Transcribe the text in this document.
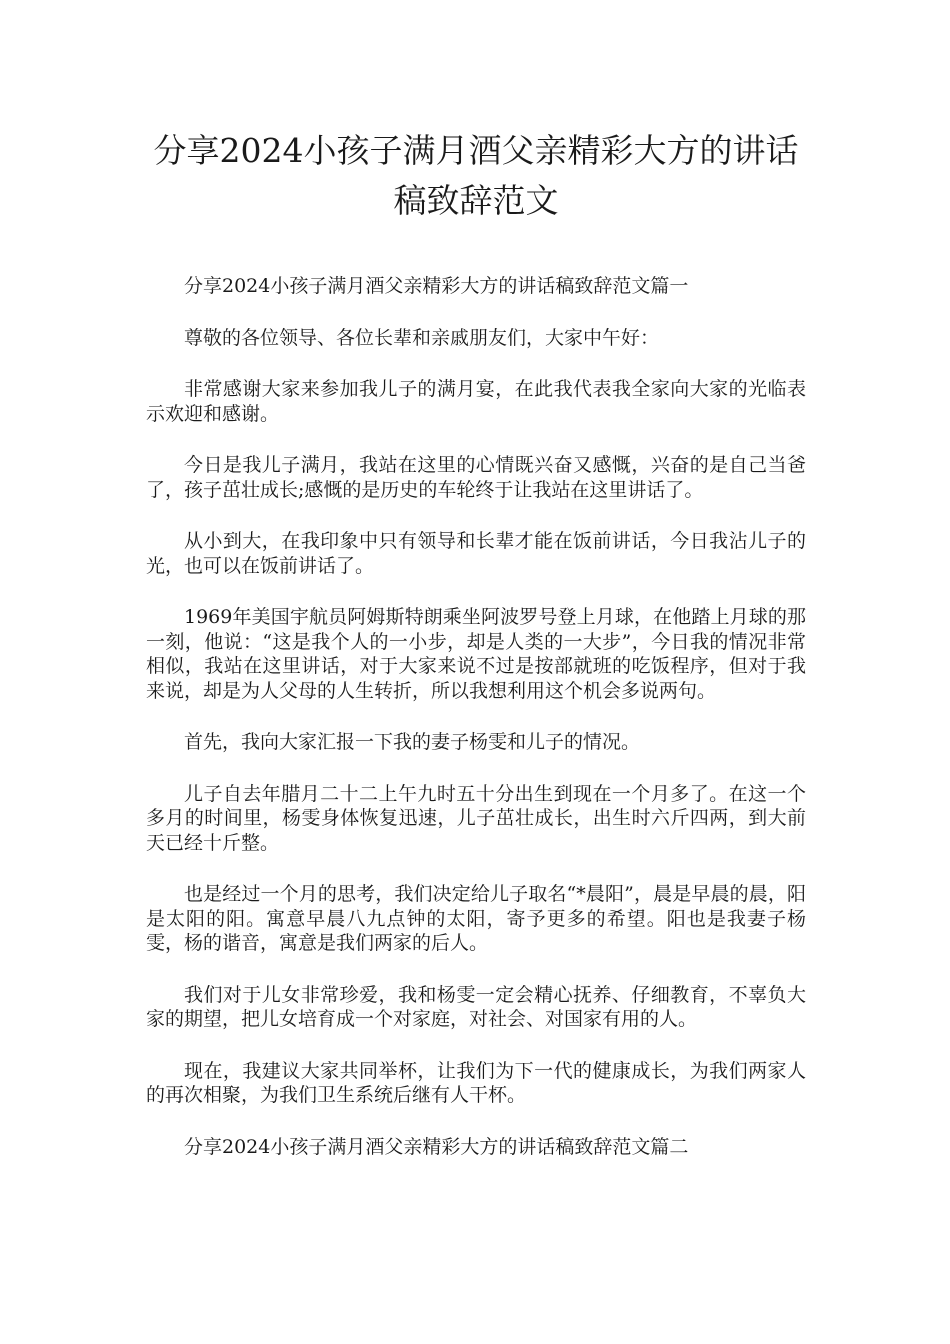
分享2024小孩子满月酒父亲精彩大方的讲话稿致辞范文

分享2024小孩子满月酒父亲精彩大方的讲话稿致辞范文篇一

尊敬的各位领导、各位长辈和亲戚朋友们，大家中午好：

非常感谢大家来参加我儿子的满月宴，在此我代表我全家向大家的光临表示欢迎和感谢。

今日是我儿子满月，我站在这里的心情既兴奋又感慨，兴奋的是自己当爸了，孩子茁壮成长;感慨的是历史的车轮终于让我站在这里讲话了。

从小到大，在我印象中只有领导和长辈才能在饭前讲话，今日我沾儿子的光，也可以在饭前讲话了。

1969年美国宇航员阿姆斯特朗乘坐阿波罗号登上月球，在他踏上月球的那一刻，他说：“这是我个人的一小步，却是人类的一大步”，今日我的情况非常相似，我站在这里讲话，对于大家来说不过是按部就班的吃饭程序，但对于我来说，却是为人父母的人生转折，所以我想利用这个机会多说两句。

首先，我向大家汇报一下我的妻子杨雯和儿子的情况。

儿子自去年腊月二十二上午九时五十分出生到现在一个月多了。在这一个多月的时间里，杨雯身体恢复迅速，儿子茁壮成长，出生时六斤四两，到大前天已经十斤整。

也是经过一个月的思考，我们决定给儿子取名“*晨阳”，晨是早晨的晨，阳是太阳的阳。寓意早晨八九点钟的太阳，寄予更多的希望。阳也是我妻子杨雯，杨的谐音，寓意是我们两家的后人。

我们对于儿女非常珍爱，我和杨雯一定会精心抚养、仔细教育，不辜负大家的期望，把儿女培育成一个对家庭，对社会、对国家有用的人。

现在，我建议大家共同举杯，让我们为下一代的健康成长，为我们两家人的再次相聚，为我们卫生系统后继有人干杯。

分享2024小孩子满月酒父亲精彩大方的讲话稿致辞范文篇二
